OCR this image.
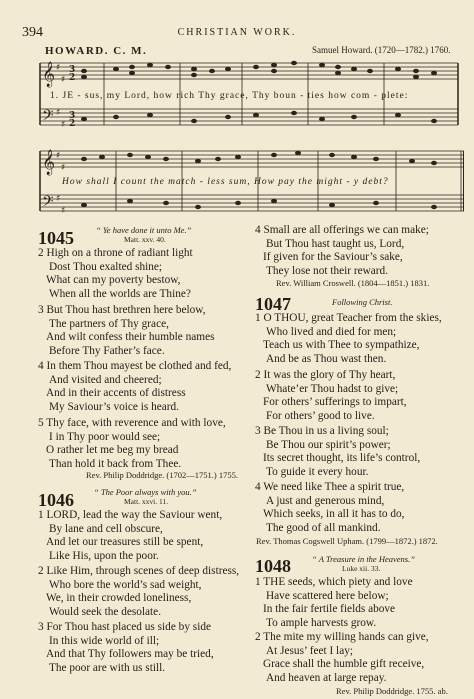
394	CHRISTIAN WORK.
HOWARD. C. M.	Samuel Howard. (1720—1782.) 1760.
𝄞
𝄢
𝄞
𝄢
♯
♯
♯
♯
♯
♯
♯
♯
3
2
3
2
1. JE - sus, my Lord, how rich Thy grace, Thy boun - ties how com - plete:
How shall I count the match - less sum, How pay the might - y debt?
1045	“ Ye have done it unto Me.”
Matt. xxv. 40.
2 High on a throne of radiant light
Dost Thou exalted shine;
What can my poverty bestow,
When all the worlds are Thine?
3 But Thou hast brethren here below,
The partners of Thy grace,
And wilt confess their humble names
Before Thy Father’s face.
4 In them Thou mayest be clothed and fed,
And visited and cheered;
And in their accents of distress
My Saviour’s voice is heard.
5 Thy face, with reverence and with love,
I in Thy poor would see;
O rather let me beg my bread
Than hold it back from Thee.
Rev. Philip Doddridge. (1702—1751.) 1755.
1046 “ The Poor always with you.”
Matt. xxvi. 11.
1 LORD, lead the way the Saviour went,
By lane and cell obscure,
And let our treasures still be spent,
Like His, upon the poor.
2 Like Him, through scenes of deep distress,
Who bore the world’s sad weight,
We, in their crowded loneliness,
Would seek the desolate.
3 For Thou hast placed us side by side
In this wide world of ill;
And that Thy followers may be tried,
The poor are with us still.
4 Small are all offerings we can make;
But Thou hast taught us, Lord,
If given for the Saviour’s sake,
They lose not their reward.
Rev. William Croswell. (1804—1851.) 1831.
1047	Following Christ.
1 O THOU, great Teacher from the skies,
Who lived and died for men;
Teach us with Thee to sympathize,
And be as Thou wast then.
2 It was the glory of Thy heart,
Whate’er Thou hadst to give;
For others’ sufferings to impart,
For others’ good to live.
3 Be Thou in us a living soul;
Be Thou our spirit’s power;
Its secret thought, its life’s control,
To guide it every hour.
4 We need like Thee a spirit true,
A just and generous mind,
Which seeks, in all it has to do,
The good of all mankind.
Rev. Thomas Cogswell Upham. (1799—1872.) 1872.
1048 “ A Treasure in the Heavens.”
Luke xii. 33.
1 THE seeds, which piety and love
Have scattered here below;
In the fair fertile fields above
To ample harvests grow.
2 The mite my willing hands can give,
At Jesus’ feet I lay;
Grace shall the humble gift receive,
And heaven at large repay.
Rev. Philip Doddridge. 1755. ab.
